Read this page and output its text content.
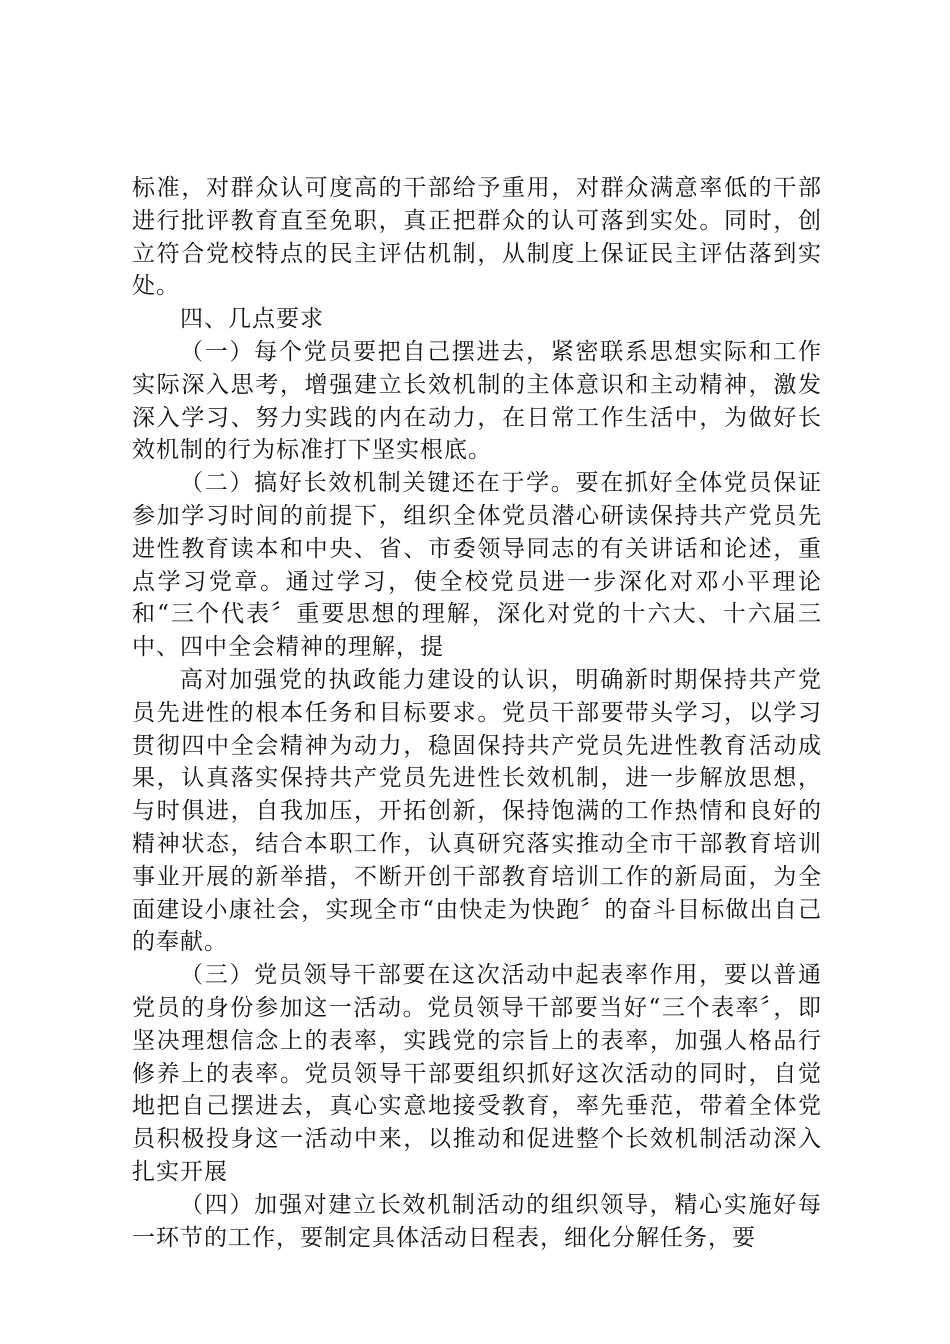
标准，对群众认可度高的干部给予重用，对群众满意率低的干部进行批评教育直至免职，真正把群众的认可落到实处。同时，创立符合党校特点的民主评估机制，从制度上保证民主评估落到实处。

四、几点要求

（一）每个党员要把自己摆进去，紧密联系思想实际和工作实际深入思考，增强建立长效机制的主体意识和主动精神，激发深入学习、努力实践的内在动力，在日常工作生活中，为做好长效机制的行为标准打下坚实根底。

（二）搞好长效机制关键还在于学。要在抓好全体党员保证参加学习时间的前提下，组织全体党员潜心研读保持共产党员先进性教育读本和中央、省、市委领导同志的有关讲话和论述，重点学习党章。通过学习，使全校党员进一步深化对邓小平理论和“三个代表〞重要思想的理解，深化对党的十六大、十六届三中、四中全会精神的理解，提

高对加强党的执政能力建设的认识，明确新时期保持共产党员先进性的根本任务和目标要求。党员干部要带头学习，以学习贯彻四中全会精神为动力，稳固保持共产党员先进性教育活动成果，认真落实保持共产党员先进性长效机制，进一步解放思想，与时俱进，自我加压，开拓创新，保持饱满的工作热情和良好的精神状态，结合本职工作，认真研究落实推动全市干部教育培训事业开展的新举措，不断开创干部教育培训工作的新局面，为全面建设小康社会，实现全市“由快走为快跑〞的奋斗目标做出自己的奉献。

（三）党员领导干部要在这次活动中起表率作用，要以普通党员的身份参加这一活动。党员领导干部要当好“三个表率〞，即坚决理想信念上的表率，实践党的宗旨上的表率，加强人格品行修养上的表率。党员领导干部要组织抓好这次活动的同时，自觉地把自己摆进去，真心实意地接受教育，率先垂范，带着全体党员积极投身这一活动中来，以推动和促进整个长效机制活动深入扎实开展

（四）加强对建立长效机制活动的组织领导，精心实施好每一环节的工作，要制定具体活动日程表，细化分解任务，要
